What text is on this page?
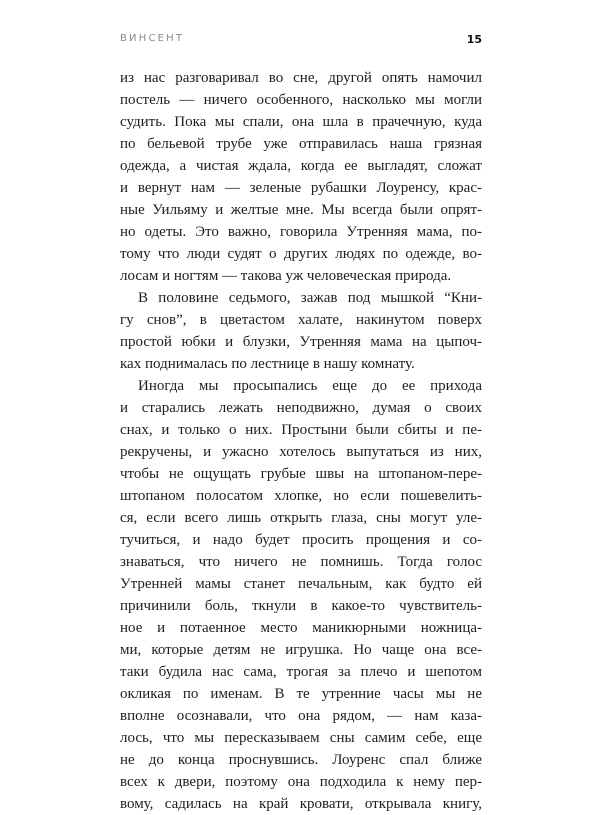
ВИНСЕНТ	15
из нас разговаривал во сне, другой опять намочил
постель — ничего особенного, насколько мы могли
судить. Пока мы спали, она шла в прачечную, куда
по бельевой трубе уже отправилась наша грязная
одежда, а чистая ждала, когда ее выгладят, сложат
и вернут нам — зеленые рубашки Лоуренсу, крас-
ные Уильяму и желтые мне. Мы всегда были опрят-
но одеты. Это важно, говорила Утренняя мама, по-
тому что люди судят о других людях по одежде, во-
лосам и ногтям — такова уж человеческая природа.
В половине седьмого, зажав под мышкой “Кни-
гу снов”, в цветастом халате, накинутом поверх
простой юбки и блузки, Утренняя мама на цыпоч-
ках поднималась по лестнице в нашу комнату.
Иногда мы просыпались еще до ее прихода
и старались лежать неподвижно, думая о своих
снах, и только о них. Простыни были сбиты и пе-
рекручены, и ужасно хотелось выпутаться из них,
чтобы не ощущать грубые швы на штопаном-пере-
штопаном полосатом хлопке, но если пошевелить-
ся, если всего лишь открыть глаза, сны могут уле-
тучиться, и надо будет просить прощения и со-
знаваться, что ничего не помнишь. Тогда голос
Утренней мамы станет печальным, как будто ей
причинили боль, ткнули в какое-то чувствитель-
ное и потаенное место маникюрными ножница-
ми, которые детям не игрушка. Но чаще она все-
таки будила нас сама, трогая за плечо и шепотом
окликая по именам. В те утренние часы мы не
вполне осознавали, что она рядом, — нам каза-
лось, что мы пересказываем сны самим себе, еще
не до конца проснувшись. Лоуренс спал ближе
всех к двери, поэтому она подходила к нему пер-
вому, садилась на край кровати, открывала книгу,
